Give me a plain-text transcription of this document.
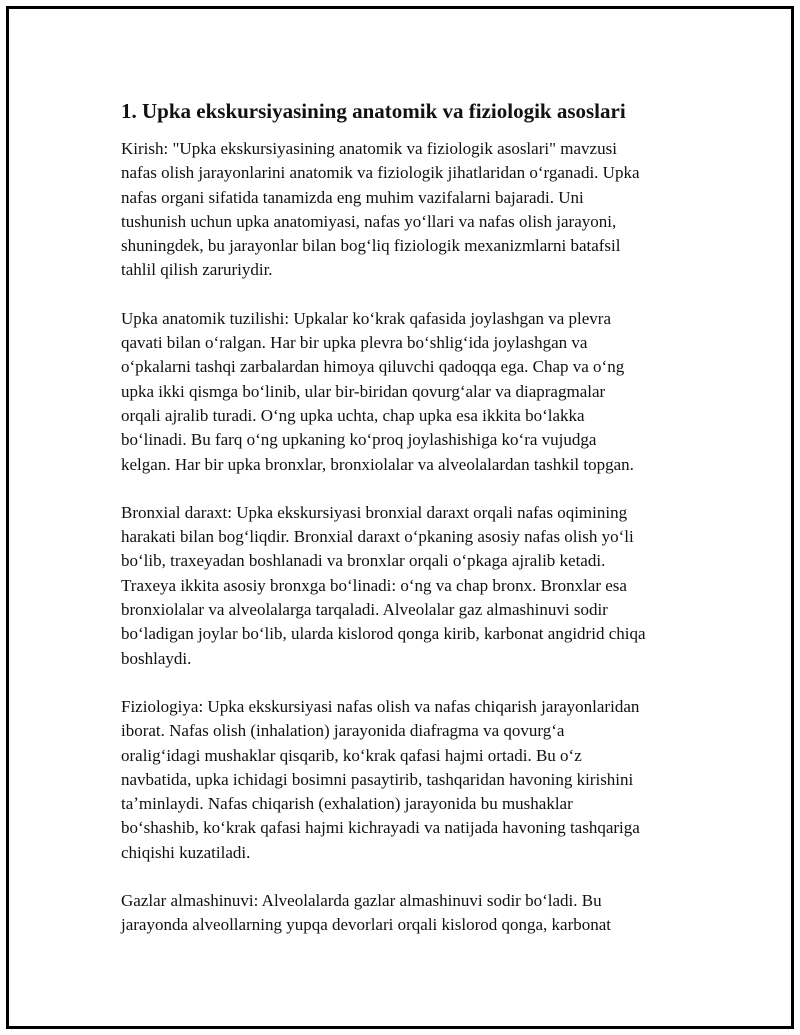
1. Upka ekskursiyasining anatomik va fiziologik asoslari

Kirish: "Upka ekskursiyasining anatomik va fiziologik asoslari" mavzusi
nafas olish jarayonlarini anatomik va fiziologik jihatlaridan oʻrganadi. Upka
nafas organi sifatida tanamizda eng muhim vazifalarni bajaradi. Uni
tushunish uchun upka anatomiyasi, nafas yoʻllari va nafas olish jarayoni,
shuningdek, bu jarayonlar bilan bogʻliq fiziologik mexanizmlarni batafsil
tahlil qilish zaruriydir.

Upka anatomik tuzilishi: Upkalar koʻkrak qafasida joylashgan va plevra
qavati bilan oʻralgan. Har bir upka plevra boʻshligʻida joylashgan va
oʻpkalarni tashqi zarbalardan himoya qiluvchi qadoqqa ega. Chap va oʻng
upka ikki qismga boʻlinib, ular bir-biridan qovurgʻalar va diapragmalar
orqali ajralib turadi. Oʻng upka uchta, chap upka esa ikkita boʻlakka
boʻlinadi. Bu farq oʻng upkaning koʻproq joylashishiga koʻra vujudga
kelgan. Har bir upka bronxlar, bronxiolalar va alveolalardan tashkil topgan.

Bronxial daraxt: Upka ekskursiyasi bronxial daraxt orqali nafas oqimining
harakati bilan bogʻliqdir. Bronxial daraxt oʻpkaning asosiy nafas olish yoʻli
boʻlib, traxeyadan boshlanadi va bronxlar orqali oʻpkaga ajralib ketadi.
Traxeya ikkita asosiy bronxga boʻlinadi: oʻng va chap bronx. Bronxlar esa
bronxiolalar va alveolalarga tarqaladi. Alveolalar gaz almashinuvi sodir
boʻladigan joylar boʻlib, ularda kislorod qonga kirib, karbonat angidrid chiqa
boshlaydi.

Fiziologiya: Upka ekskursiyasi nafas olish va nafas chiqarish jarayonlaridan
iborat. Nafas olish (inhalation) jarayonida diafragma va qovurgʻa
oraligʻidagi mushaklar qisqarib, koʻkrak qafasi hajmi ortadi. Bu oʻz
navbatida, upka ichidagi bosimni pasaytirib, tashqaridan havoning kirishini
taʼminlaydi. Nafas chiqarish (exhalation) jarayonida bu mushaklar
boʻshashib, koʻkrak qafasi hajmi kichrayadi va natijada havoning tashqariga
chiqishi kuzatiladi.

Gazlar almashinuvi: Alveolalarda gazlar almashinuvi sodir boʻladi. Bu
jarayonda alveollarning yupqa devorlari orqali kislorod qonga, karbonat
